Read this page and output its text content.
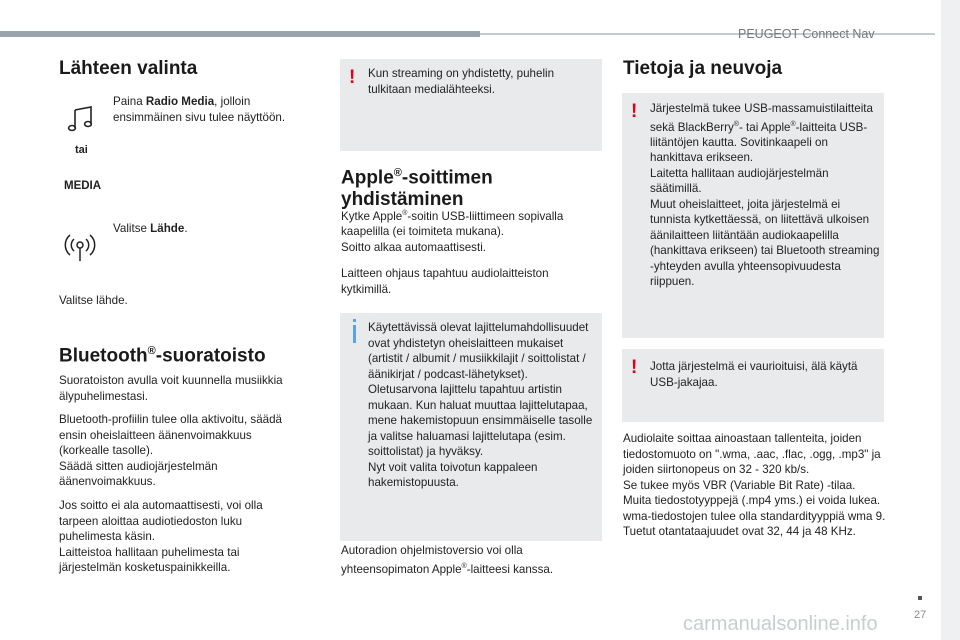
PEUGEOT Connect Nav
27
carmanualsonline.info
Lähteen valinta
Paina Radio Media, jolloin ensimmäinen sivu tulee näyttöön.
tai
MEDIA
Valitse Lähde.
Valitse lähde.
Bluetooth®-suoratoisto
Suoratoiston avulla voit kuunnella musiikkia älypuhelimestasi.
Bluetooth-profiilin tulee olla aktivoitu, säädä ensin oheislaitteen äänenvoimakkuus (korkealle tasolle).
Säädä sitten audiojärjestelmän äänenvoimakkuus.
Jos soitto ei ala automaattisesti, voi olla tarpeen aloittaa audiotiedoston luku puhelimesta käsin.
Laitteistoa hallitaan puhelimesta tai järjestelmän kosketuspainikkeilla.
! Kun streaming on yhdistetty, puhelin tulkitaan medialähteeksi.
Apple®-soittimen
yhdistäminen
Kytke Apple®-soitin USB-liittimeen sopivalla kaapelilla (ei toimiteta mukana).
Soitto alkaa automaattisesti.
Laitteen ohjaus tapahtuu audiolaitteiston kytkimillä.
Käytettävissä olevat lajittelumahdollisuudet ovat yhdistetyn oheislaitteen mukaiset (artistit / albumit / musiikkilajit / soittolistat / äänikirjat / podcast-lähetykset).
Oletusarvona lajittelu tapahtuu artistin mukaan. Kun haluat muuttaa lajittelutapaa, mene hakemistopuun ensimmäiselle tasolle ja valitse haluamasi lajittelutapa (esim. soittolistat) ja hyväksy.
Nyt voit valita toivotun kappaleen hakemistopuusta.
Autoradion ohjelmistoversio voi olla yhteensopimaton Apple®-laitteesi kanssa.
Tietoja ja neuvoja
! Järjestelmä tukee USB-massamuistilaitteita sekä BlackBerry®- tai Apple®-laitteita USB-liitäntöjen kautta. Sovitinkaapeli on hankittava erikseen.
Laitetta hallitaan audiojärjestelmän säätimillä.
Muut oheislaitteet, joita järjestelmä ei tunnista kytkettäessä, on liitettävä ulkoisen äänilaitteen liitäntään audiokaapelilla (hankittava erikseen) tai Bluetooth streaming -yhteyden avulla yhteensopivuudesta riippuen.
! Jotta järjestelmä ei vaurioituisi, älä käytä USB-jakajaa.
Audiolaite soittaa ainoastaan tallenteita, joiden tiedostomuoto on ".wma, .aac, .flac, .ogg, .mp3" ja joiden siirtonopeus on 32 - 320 kb/s.
Se tukee myös VBR (Variable Bit Rate) -tilaa.
Muita tiedostotyyppejä (.mp4 yms.) ei voida lukea.
wma-tiedostojen tulee olla standardityyppiä wma 9.
Tuetut otantataajuudet ovat 32, 44 ja 48 KHz.
